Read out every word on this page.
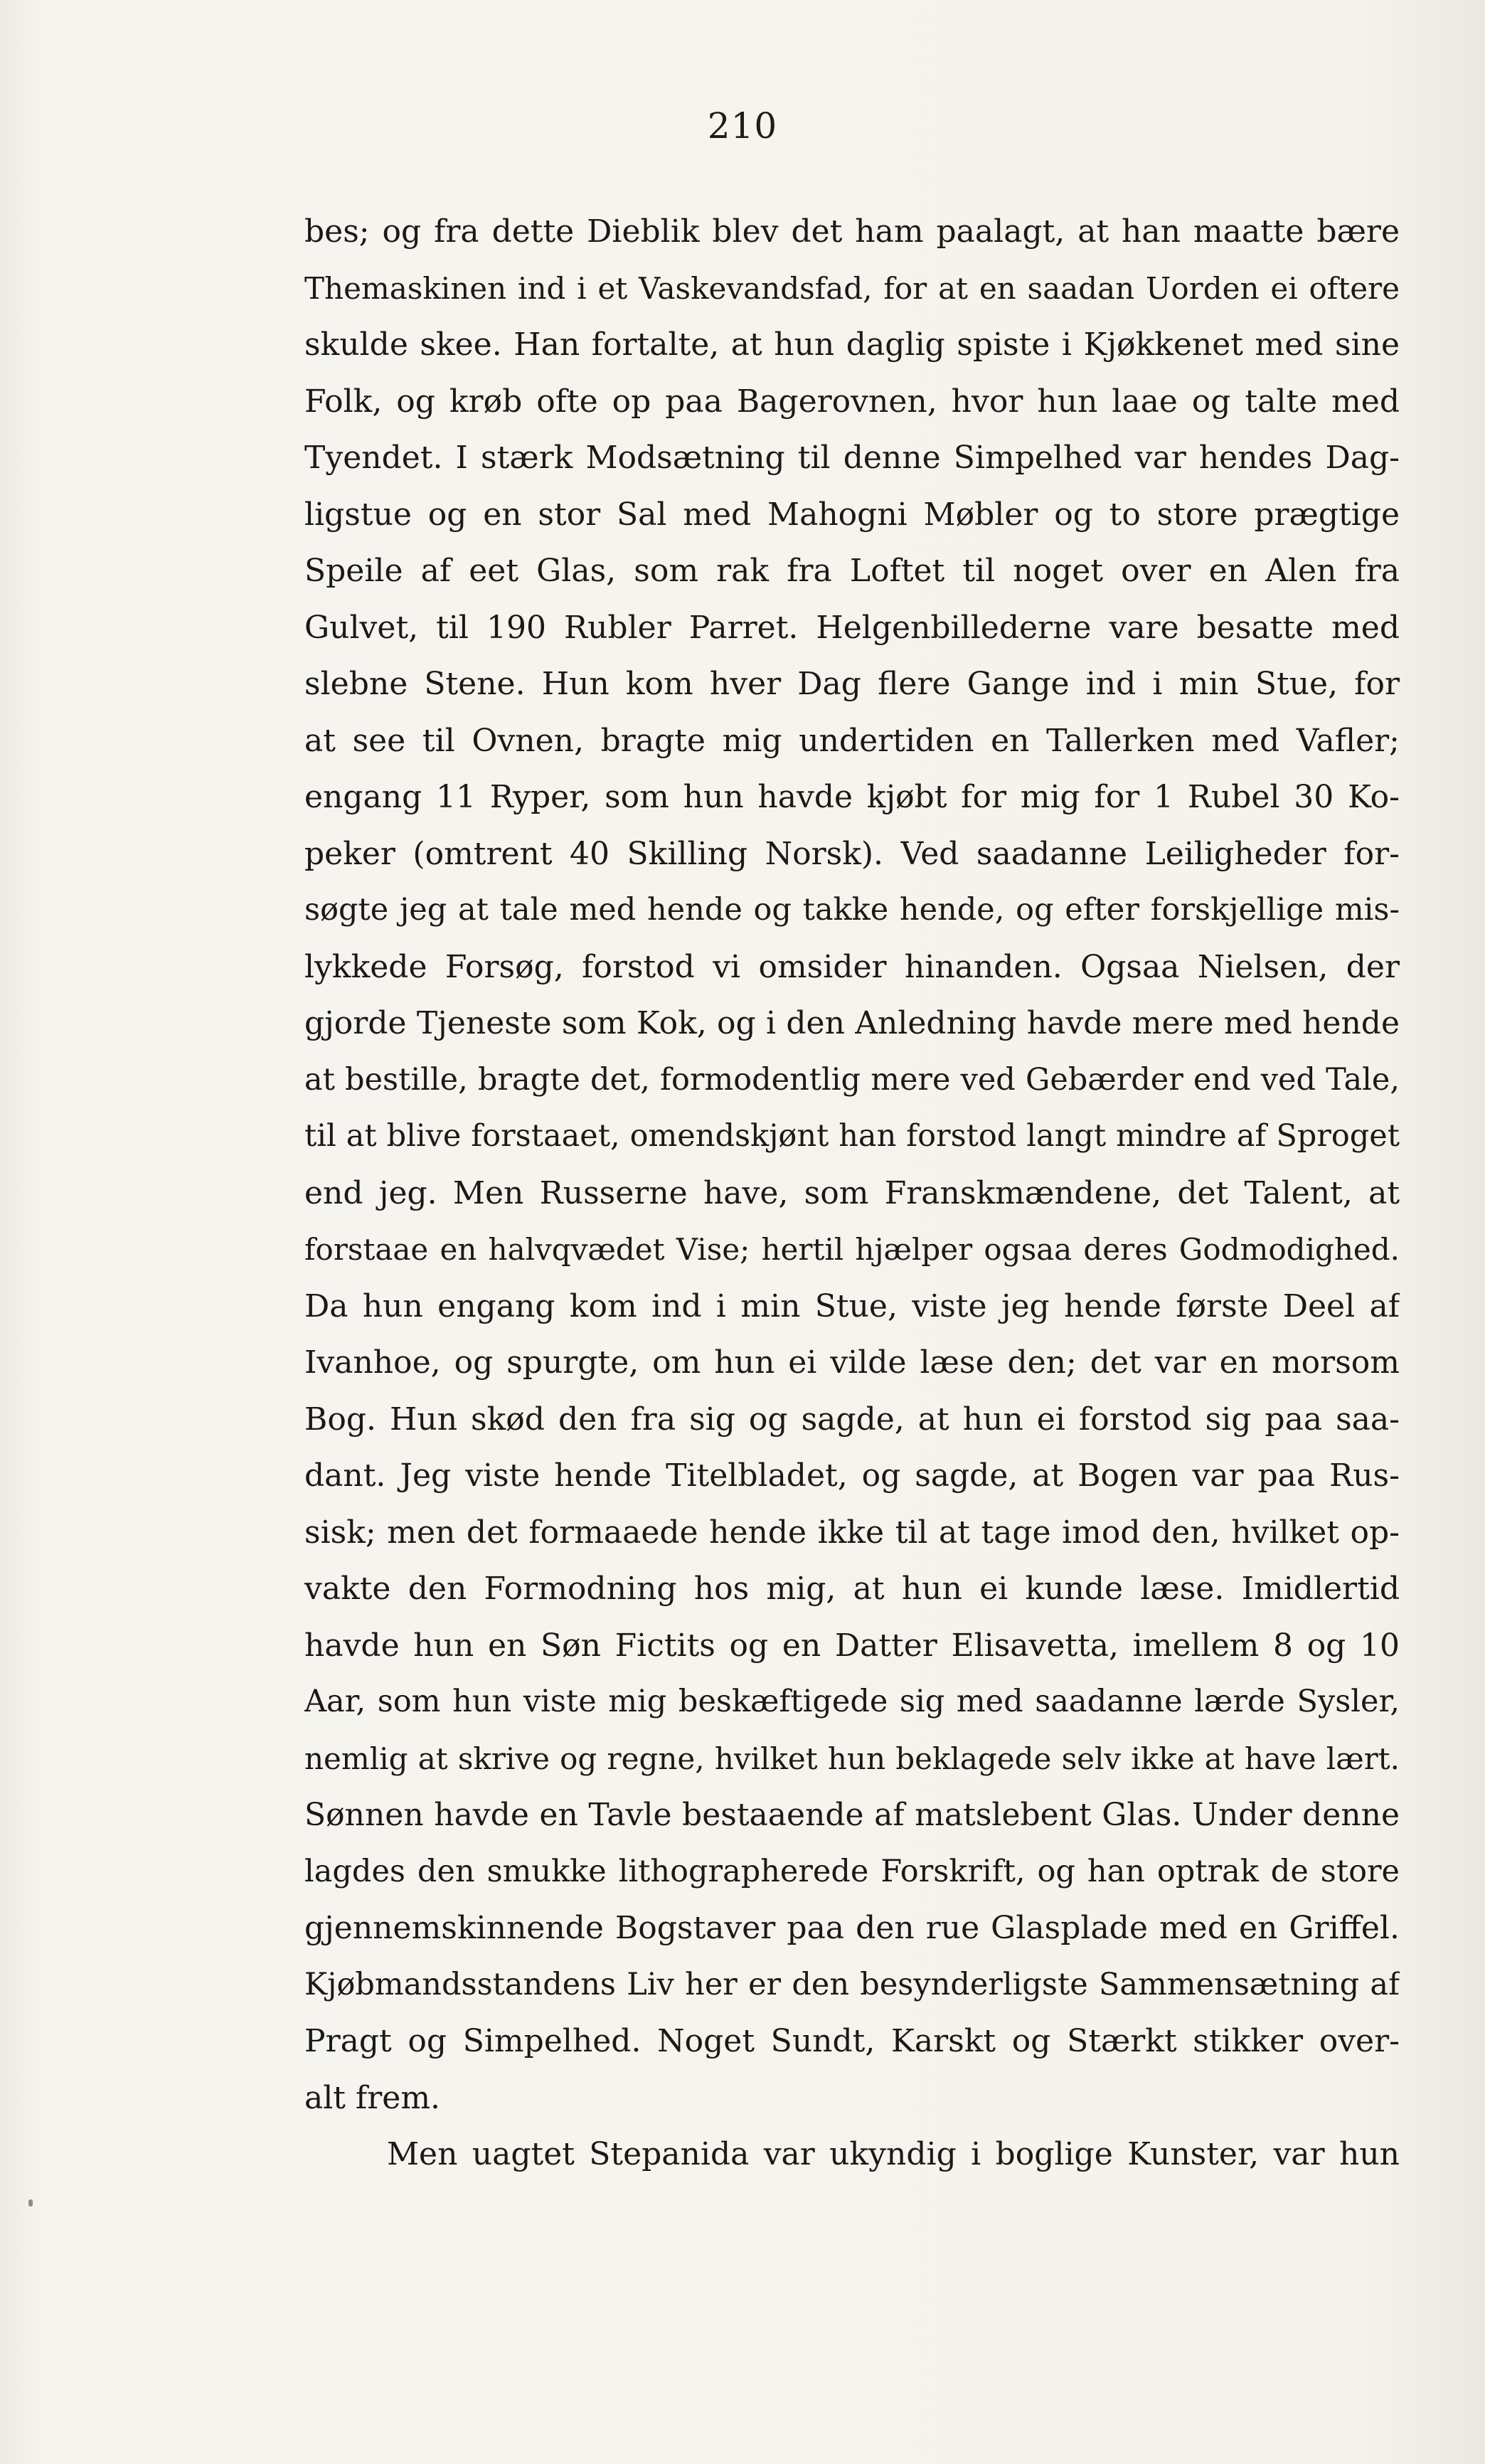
210
bes; og fra dette Dieblik blev det ham paalagt, at han maatte bære
Themaskinen ind i et Vaskevandsfad, for at en saadan Uorden ei oftere
skulde skee. Han fortalte, at hun daglig spiste i Kjøkkenet med sine
Folk, og krøb ofte op paa Bagerovnen, hvor hun laae og talte med
Tyendet. I stærk Modsætning til denne Simpelhed var hendes Dag-
ligstue og en stor Sal med Mahogni Møbler og to store prægtige
Speile af eet Glas, som rak fra Loftet til noget over en Alen fra
Gulvet, til 190 Rubler Parret. Helgenbillederne vare besatte med
slebne Stene. Hun kom hver Dag flere Gange ind i min Stue, for
at see til Ovnen, bragte mig undertiden en Tallerken med Vafler;
engang 11 Ryper, som hun havde kjøbt for mig for 1 Rubel 30 Ko-
peker (omtrent 40 Skilling Norsk). Ved saadanne Leiligheder for-
søgte jeg at tale med hende og takke hende, og efter forskjellige mis-
lykkede Forsøg, forstod vi omsider hinanden. Ogsaa Nielsen, der
gjorde Tjeneste som Kok, og i den Anledning havde mere med hende
at bestille, bragte det, formodentlig mere ved Gebærder end ved Tale,
til at blive forstaaet, omendskjønt han forstod langt mindre af Sproget
end jeg. Men Russerne have, som Franskmændene, det Talent, at
forstaae en halvqvædet Vise; hertil hjælper ogsaa deres Godmodighed.
Da hun engang kom ind i min Stue, viste jeg hende første Deel af
Ivanhoe, og spurgte, om hun ei vilde læse den; det var en morsom
Bog. Hun skød den fra sig og sagde, at hun ei forstod sig paa saa-
dant. Jeg viste hende Titelbladet, og sagde, at Bogen var paa Rus-
sisk; men det formaaede hende ikke til at tage imod den, hvilket op-
vakte den Formodning hos mig, at hun ei kunde læse. Imidlertid
havde hun en Søn Fictits og en Datter Elisavetta, imellem 8 og 10
Aar, som hun viste mig beskæftigede sig med saadanne lærde Sysler,
nemlig at skrive og regne, hvilket hun beklagede selv ikke at have lært.
Sønnen havde en Tavle bestaaende af matslebent Glas. Under denne
lagdes den smukke lithographerede Forskrift, og han optrak de store
gjennemskinnende Bogstaver paa den rue Glasplade med en Griffel.
Kjøbmandsstandens Liv her er den besynderligste Sammensætning af
Pragt og Simpelhed. Noget Sundt, Karskt og Stærkt stikker over-
alt frem.
Men uagtet Stepanida var ukyndig i boglige Kunster, var hun
